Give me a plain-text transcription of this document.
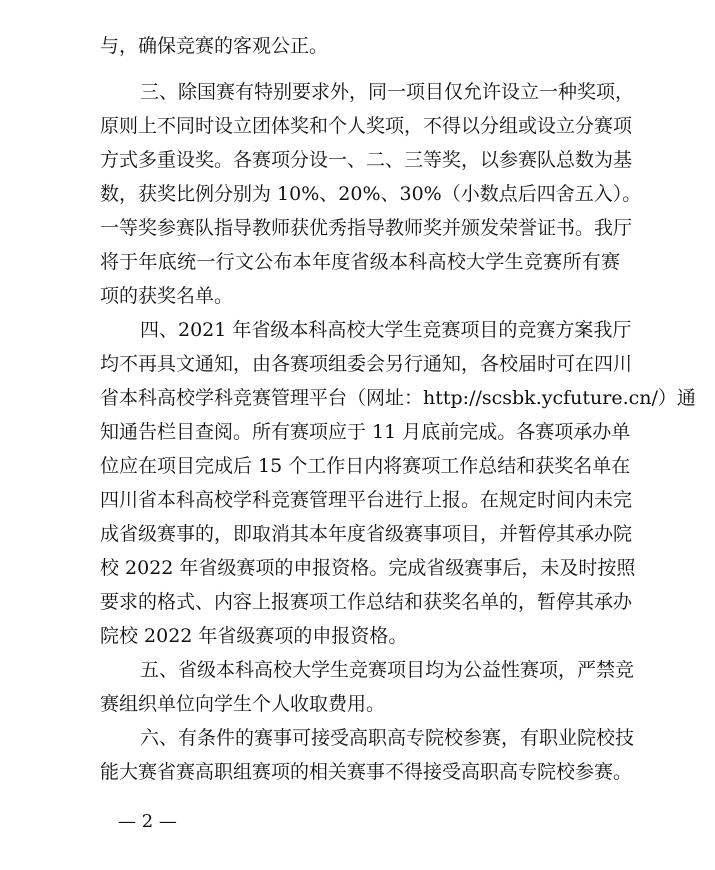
与，确保竞赛的客观公正。
三、除国赛有特别要求外，同一项目仅允许设立一种奖项，
原则上不同时设立团体奖和个人奖项，不得以分组或设立分赛项
方式多重设奖。各赛项分设一、二、三等奖，以参赛队总数为基
数，获奖比例分别为 10%、20%、30%（小数点后四舍五入）。
一等奖参赛队指导教师获优秀指导教师奖并颁发荣誉证书。我厅
将于年底统一行文公布本年度省级本科高校大学生竞赛所有赛
项的获奖名单。
四、2021 年省级本科高校大学生竞赛项目的竞赛方案我厅
均不再具文通知，由各赛项组委会另行通知，各校届时可在四川
省本科高校学科竞赛管理平台（网址：http://scsbk.ycfuture.cn/）通
知通告栏目查阅。所有赛项应于 11 月底前完成。各赛项承办单
位应在项目完成后 15 个工作日内将赛项工作总结和获奖名单在
四川省本科高校学科竞赛管理平台进行上报。在规定时间内未完
成省级赛事的，即取消其本年度省级赛事项目，并暂停其承办院
校 2022 年省级赛项的申报资格。完成省级赛事后，未及时按照
要求的格式、内容上报赛项工作总结和获奖名单的，暂停其承办
院校 2022 年省级赛项的申报资格。
五、省级本科高校大学生竞赛项目均为公益性赛项，严禁竞
赛组织单位向学生个人收取费用。
六、有条件的赛事可接受高职高专院校参赛，有职业院校技
能大赛省赛高职组赛项的相关赛事不得接受高职高专院校参赛。
— 2 —
